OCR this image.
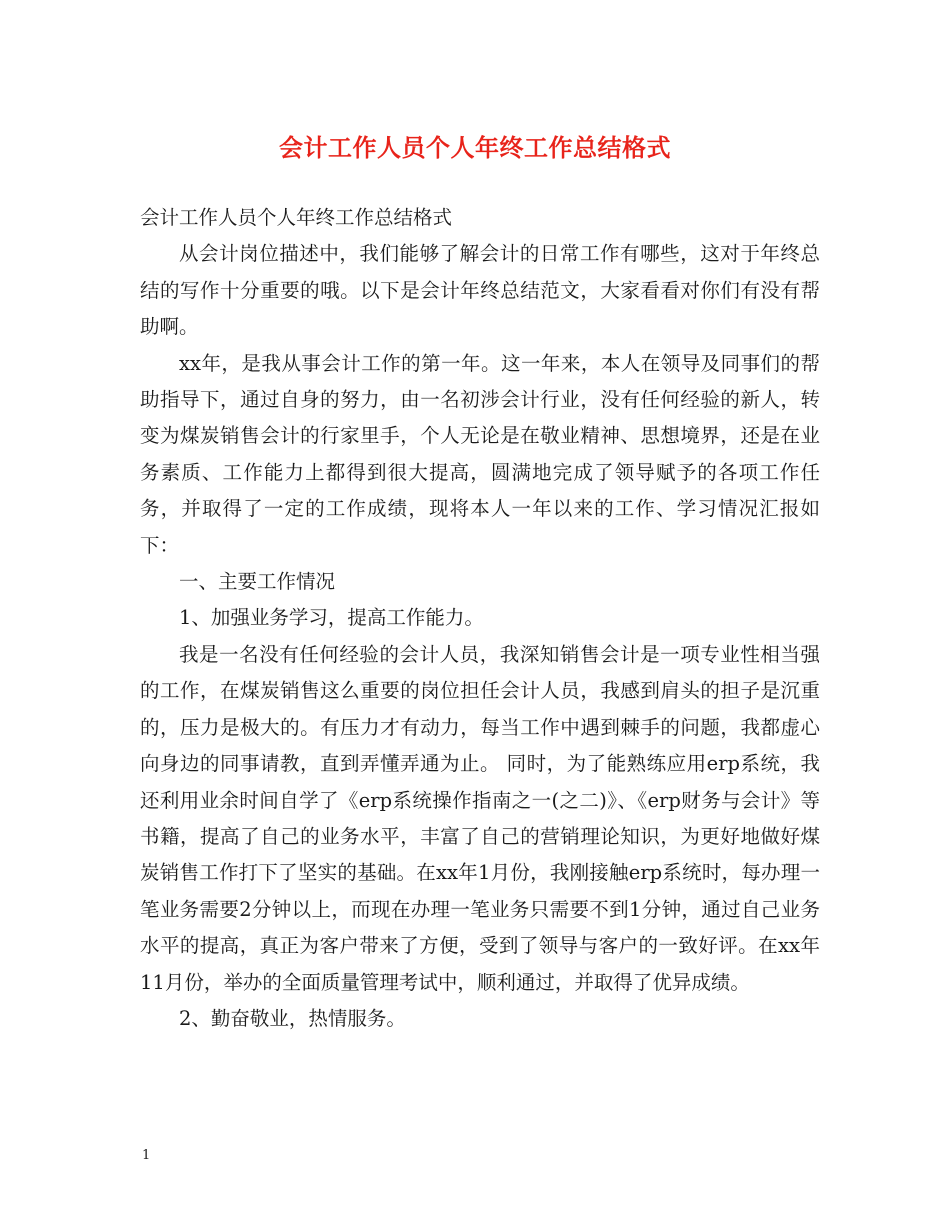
会计工作人员个人年终工作总结格式

会计工作人员个人年终工作总结格式

从会计岗位描述中，我们能够了解会计的日常工作有哪些，这对于年终总结的写作十分重要的哦。以下是会计年终总结范文，大家看看对你们有没有帮助啊。

xx年，是我从事会计工作的第一年。这一年来，本人在领导及同事们的帮助指导下，通过自身的努力，由一名初涉会计行业，没有任何经验的新人，转变为煤炭销售会计的行家里手，个人无论是在敬业精神、思想境界，还是在业务素质、工作能力上都得到很大提高，圆满地完成了领导赋予的各项工作任务，并取得了一定的工作成绩，现将本人一年以来的工作、学习情况汇报如下：

一、主要工作情况

1、加强业务学习，提高工作能力。

我是一名没有任何经验的会计人员，我深知销售会计是一项专业性相当强的工作，在煤炭销售这么重要的岗位担任会计人员，我感到肩头的担子是沉重的，压力是极大的。有压力才有动力，每当工作中遇到棘手的问题，我都虚心向身边的同事请教，直到弄懂弄通为止。 同时，为了能熟练应用erp系统，我还利用业余时间自学了《erp系统操作指南之一(之二)》、《erp财务与会计》等书籍，提高了自己的业务水平，丰富了自己的营销理论知识，为更好地做好煤炭销售工作打下了坚实的基础。在xx年1月份，我刚接触erp系统时，每办理一笔业务需要2分钟以上，而现在办理一笔业务只需要不到1分钟，通过自己业务水平的提高，真正为客户带来了方便，受到了领导与客户的一致好评。在xx年11月份，举办的全面质量管理考试中，顺利通过，并取得了优异成绩。

2、勤奋敬业，热情服务。

1
